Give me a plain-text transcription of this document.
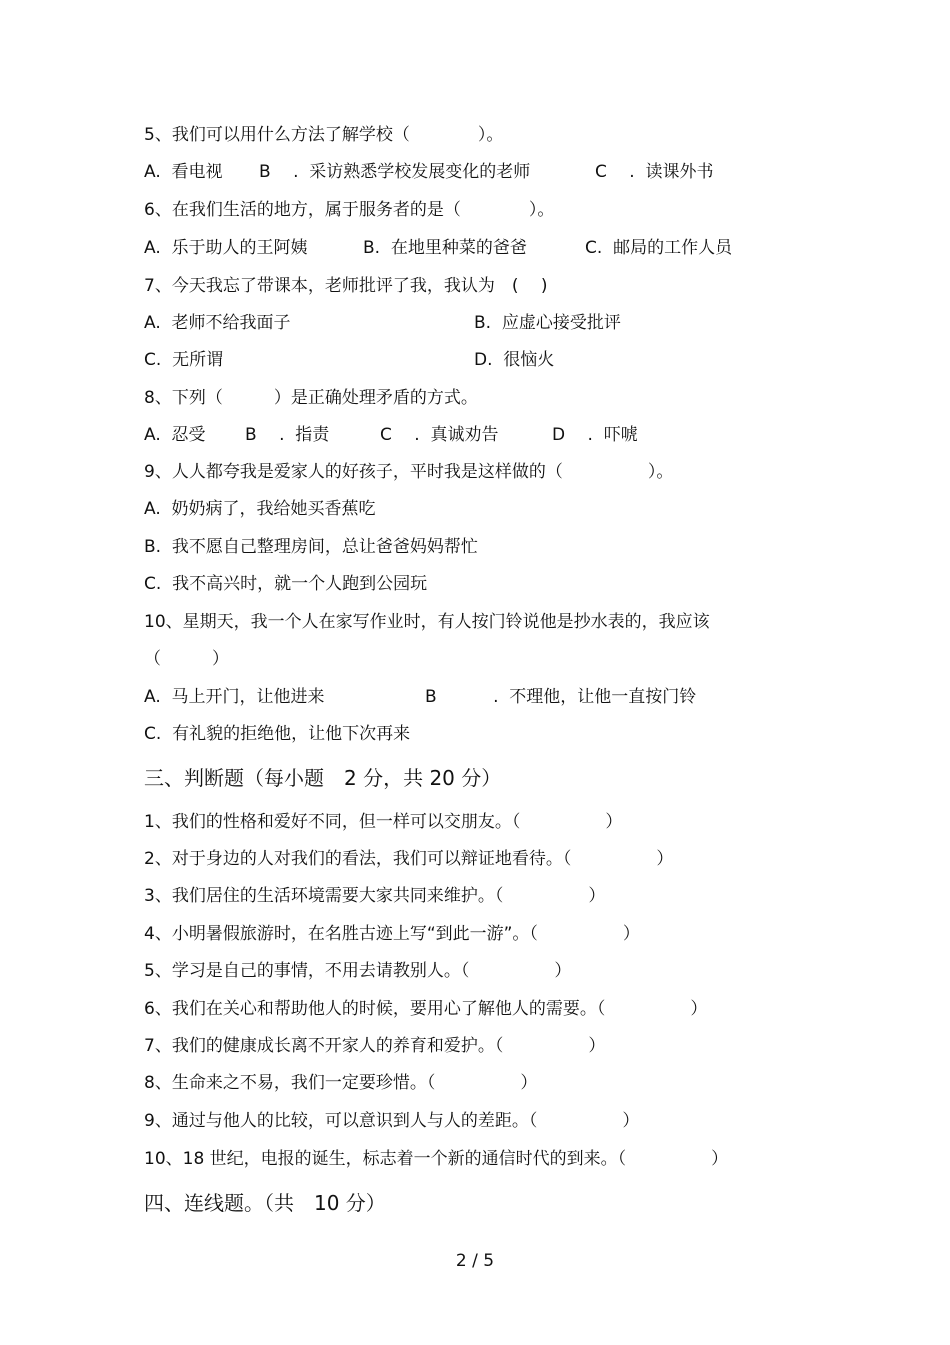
5、我们可以用什么方法了解学校（　　　　）。
A.  看电视 B　 .  采访熟悉学校发展变化的老师	C　 .  读课外书
6、在我们生活的地方，属于服务者的是（　　　　）。
A.  乐于助人的王阿姨	B.  在地里种菜的爸爸	C.  邮局的工作人员
7、今天我忘了带课本，老师批评了我，我认为　( 　)
A.  老师不给我面子	B.  应虚心接受批评
C.  无所谓	D.  很恼火
8、下列（　　　）是正确处理矛盾的方式。
A.  忍受 B　 .  指责	C　 .  真诚劝告	D　 .  吓唬
9、人人都夸我是爱家人的好孩子，平时我是这样做的（　　　　　）。
A.  奶奶病了，我给她买香蕉吃
B.  我不愿自己整理房间，总让爸爸妈妈帮忙
C.  我不高兴时，就一个人跑到公园玩
10、星期天，我一个人在家写作业时，有人按门铃说他是抄水表的，我应该
（　　　）
A.  马上开门，让他进来	B　　　 .  不理他，让他一直按门铃
C.  有礼貌的拒绝他，让他下次再来
三、判断题（每小题　2 分，共 20 分）
1、我们的性格和爱好不同，但一样可以交朋友。（　　　　　）
2、对于身边的人对我们的看法，我们可以辩证地看待。（　　　　　）
3、我们居住的生活环境需要大家共同来维护。（　　　　　）
4、小明暑假旅游时，在名胜古迹上写“到此一游”。（　　　　　）
5、学习是自己的事情，不用去请教别人。（　　　　　）
6、我们在关心和帮助他人的时候，要用心了解他人的需要。（　　　　　）
7、我们的健康成长离不开家人的养育和爱护。（　　　　　）
8、生命来之不易，我们一定要珍惜。（　　　　　）
9、通过与他人的比较，可以意识到人与人的差距。（　　　　　）
10、18 世纪，电报的诞生，标志着一个新的通信时代的到来。（　　　　　）
四、连线题。（共　10 分）
2 / 5
